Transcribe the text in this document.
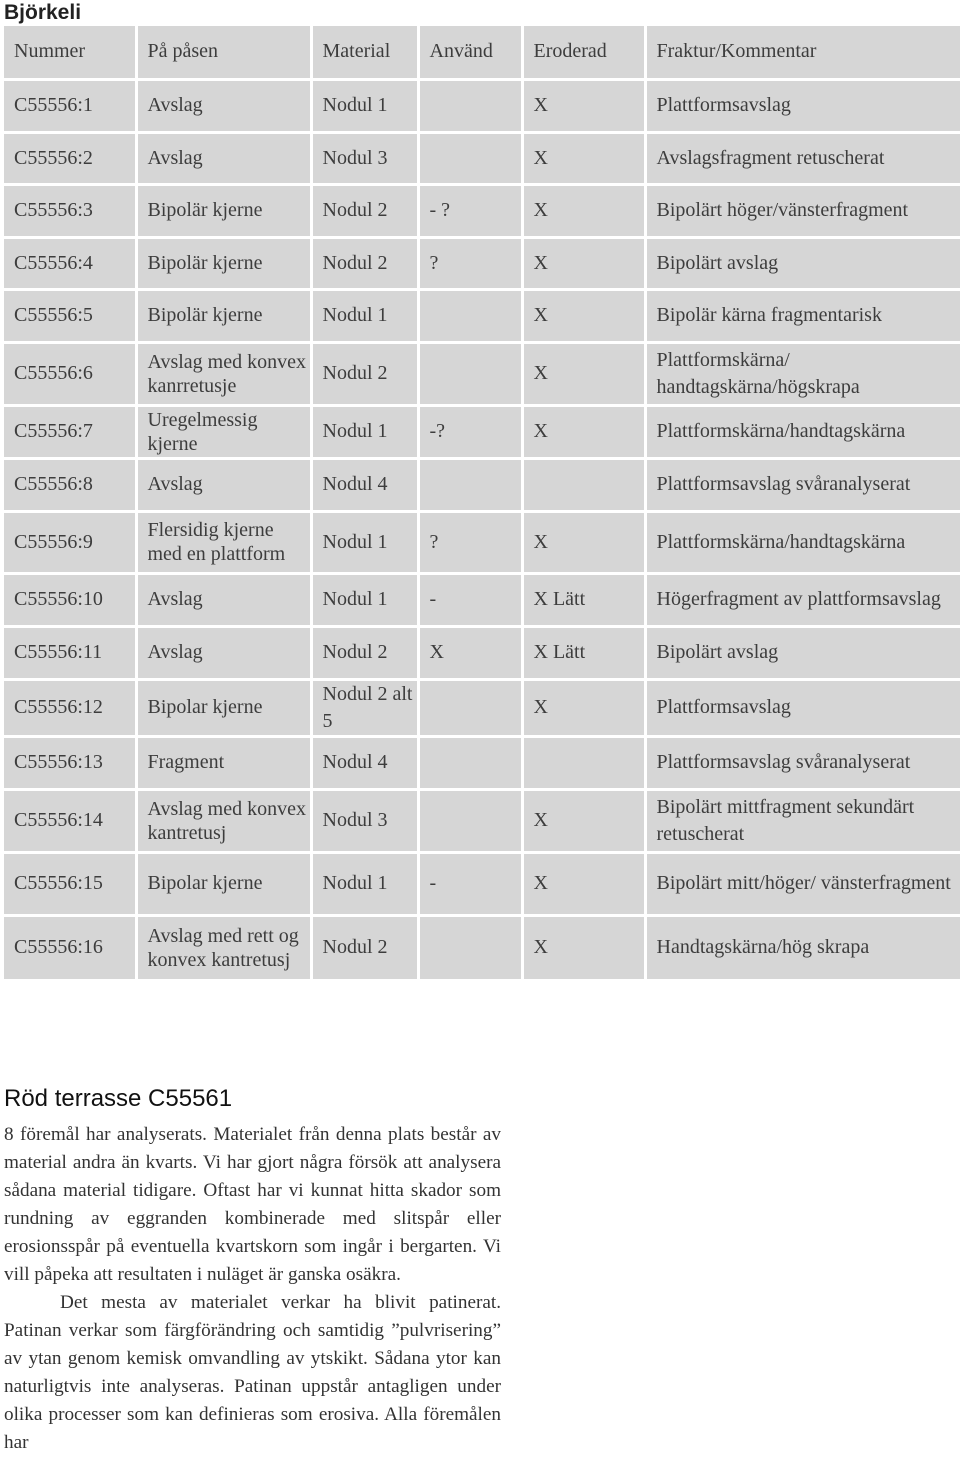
Björkeli
Nummer	På påsen	Material	Använd	Eroderad	Fraktur/Kommentar
C55556:1	Avslag	Nodul 1		X	Plattformsavslag
C55556:2	Avslag	Nodul 3		X	Avslagsfragment retuscherat
C55556:3	Bipolär kjerne	Nodul 2	- ?	X	Bipolärt höger/vänsterfragment
C55556:4	Bipolär kjerne	Nodul 2	?	X	Bipolärt avslag
C55556:5	Bipolär kjerne	Nodul 1		X	Bipolär kärna fragmentarisk
C55556:6	Avslag med konvex kanrretusje	Nodul 2		X	Plattformskärna/ handtagskärna/högskrapa
C55556:7	Uregelmessig kjerne	Nodul 1	-?	X	Plattformskärna/handtagskärna
C55556:8	Avslag	Nodul 4			Plattformsavslag svåranalyserat
C55556:9	Flersidig kjerne med en plattform	Nodul 1	?	X	Plattformskärna/handtagskärna
C55556:10	Avslag	Nodul 1	-	X Lätt	Högerfragment av plattformsavslag
C55556:11	Avslag	Nodul 2	X	X Lätt	Bipolärt avslag
C55556:12	Bipolar kjerne	Nodul 2 alt 5		X	Plattformsavslag
C55556:13	Fragment	Nodul 4			Plattformsavslag svåranalyserat
C55556:14	Avslag med konvex kantretusj	Nodul 3		X	Bipolärt mittfragment sekundärt retuscherat
C55556:15	Bipolar kjerne	Nodul 1	-	X	Bipolärt mitt/höger/ vänsterfragment
C55556:16	Avslag med rett og konvex kantretusj	Nodul 2		X	Handtagskärna/hög skrapa
Röd terrasse C55561

8 föremål har analyserats. Materialet från denna plats består av material andra än kvarts. Vi har gjort några försök att analysera sådana material tidigare. Oftast har vi kunnat hitta skador som rundning av eggranden kombinerade med slitspår eller erosionsspår på eventuella kvartskorn som ingår i bergarten. Vi vill påpeka att resultaten i nuläget är ganska osäkra.

Det mesta av materialet verkar ha blivit patinerat. Patinan verkar som färgförändring och samtidig ”pulvrisering” av ytan genom kemisk omvandling av ytskikt. Sådana ytor kan naturligtvis inte analyseras. Patinan uppstår antagligen under olika processer som kan definieras som erosiva. Alla föremålen har
